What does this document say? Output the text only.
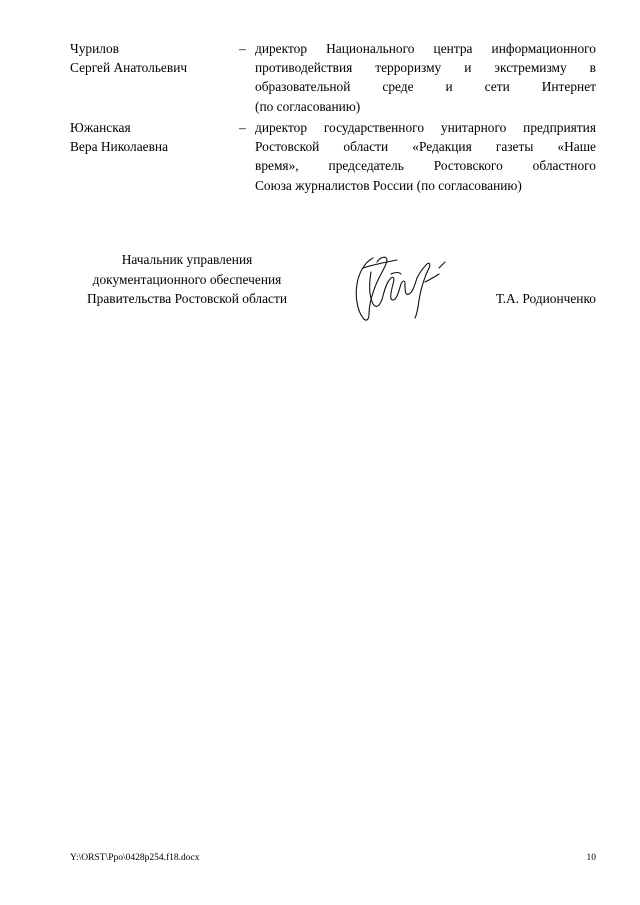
Чурилов
Сергей Анатольевич
– директор Национального центра информационного
противодействия терроризму и экстремизму в
образовательной среде и сети Интернет
(по согласованию)
Южанская
Вера Николаевна
– директор государственного унитарного предприятия
Ростовской области «Редакция газеты «Наше
время», председатель Ростовского областного
Союза журналистов России (по согласованию)
Начальник управления
документационного обеспечения
Правительства Ростовской области	Т.А. Родионченко
Y:\ORST\Ppo\0428p254.f18.docx	10
